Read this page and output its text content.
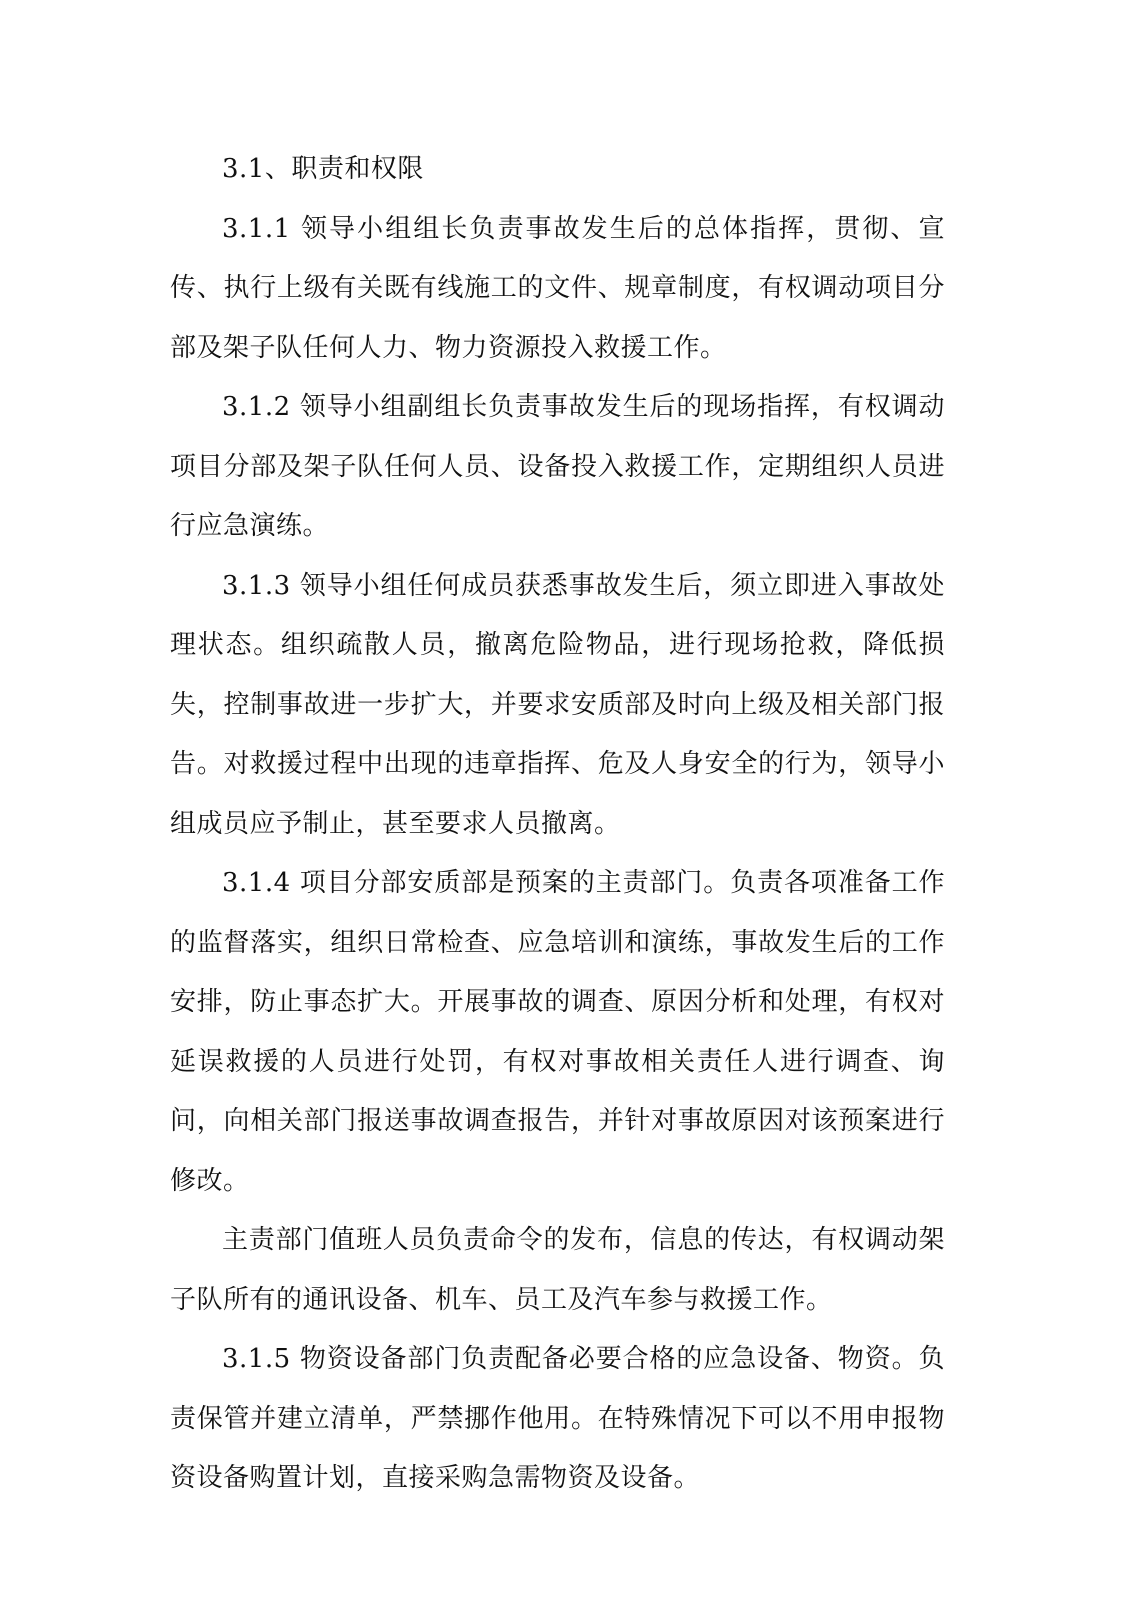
3.1、职责和权限

3.1.1 领导小组组长负责事故发生后的总体指挥，贯彻、宣传、执行上级有关既有线施工的文件、规章制度，有权调动项目分部及架子队任何人力、物力资源投入救援工作。

3.1.2 领导小组副组长负责事故发生后的现场指挥，有权调动项目分部及架子队任何人员、设备投入救援工作，定期组织人员进行应急演练。

3.1.3 领导小组任何成员获悉事故发生后，须立即进入事故处理状态。组织疏散人员，撤离危险物品，进行现场抢救，降低损失，控制事故进一步扩大，并要求安质部及时向上级及相关部门报告。对救援过程中出现的违章指挥、危及人身安全的行为，领导小组成员应予制止，甚至要求人员撤离。

3.1.4 项目分部安质部是预案的主责部门。负责各项准备工作的监督落实，组织日常检查、应急培训和演练，事故发生后的工作安排，防止事态扩大。开展事故的调查、原因分析和处理，有权对延误救援的人员进行处罚，有权对事故相关责任人进行调查、询问，向相关部门报送事故调查报告，并针对事故原因对该预案进行修改。

主责部门值班人员负责命令的发布，信息的传达，有权调动架子队所有的通讯设备、机车、员工及汽车参与救援工作。

3.1.5 物资设备部门负责配备必要合格的应急设备、物资。负责保管并建立清单，严禁挪作他用。在特殊情况下可以不用申报物资设备购置计划，直接采购急需物资及设备。
